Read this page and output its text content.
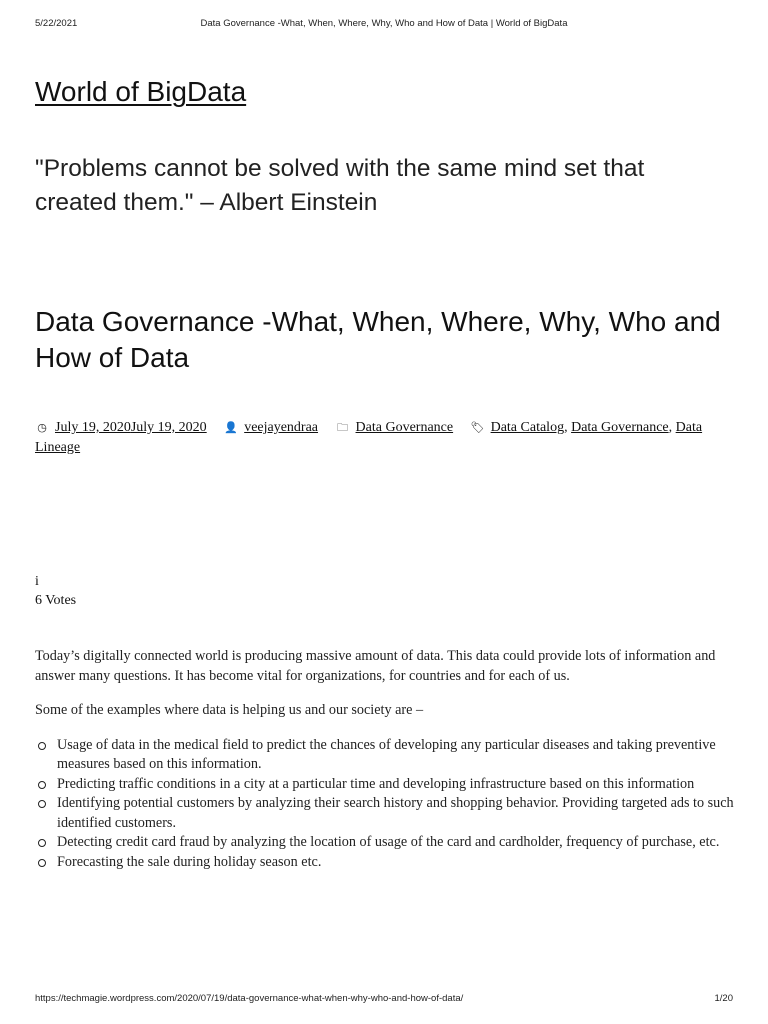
5/22/2021	Data Governance -What, When, Where, Why, Who and How of Data | World of BigData
World of BigData
"Problems cannot be solved with the same mind set that created them." – Albert Einstein
Data Governance -What, When, Where, Why, Who and How of Data
◷ July 19, 2020July 19, 2020 👤 veejayendraa 🗀 Data Governance 🏷 Data Catalog, Data Governance, Data Lineage
i
6 Votes

Today’s digitally connected world is producing massive amount of data. This data could provide lots of information and answer many questions. It has become vital for organizations, for countries and for each of us.

Some of the examples where data is helping us and our society are –

Usage of data in the medical field to predict the chances of developing any particular diseases and taking preventive measures based on this information.
Predicting traffic conditions in a city at a particular time and developing infrastructure based on this information
Identifying potential customers by analyzing their search history and shopping behavior. Providing targeted ads to such identified customers.
Detecting credit card fraud by analyzing the location of usage of the card and cardholder, frequency of purchase, etc.
Forecasting the sale during holiday season etc.
https://techmagie.wordpress.com/2020/07/19/data-governance-what-when-why-who-and-how-of-data/	1/20
